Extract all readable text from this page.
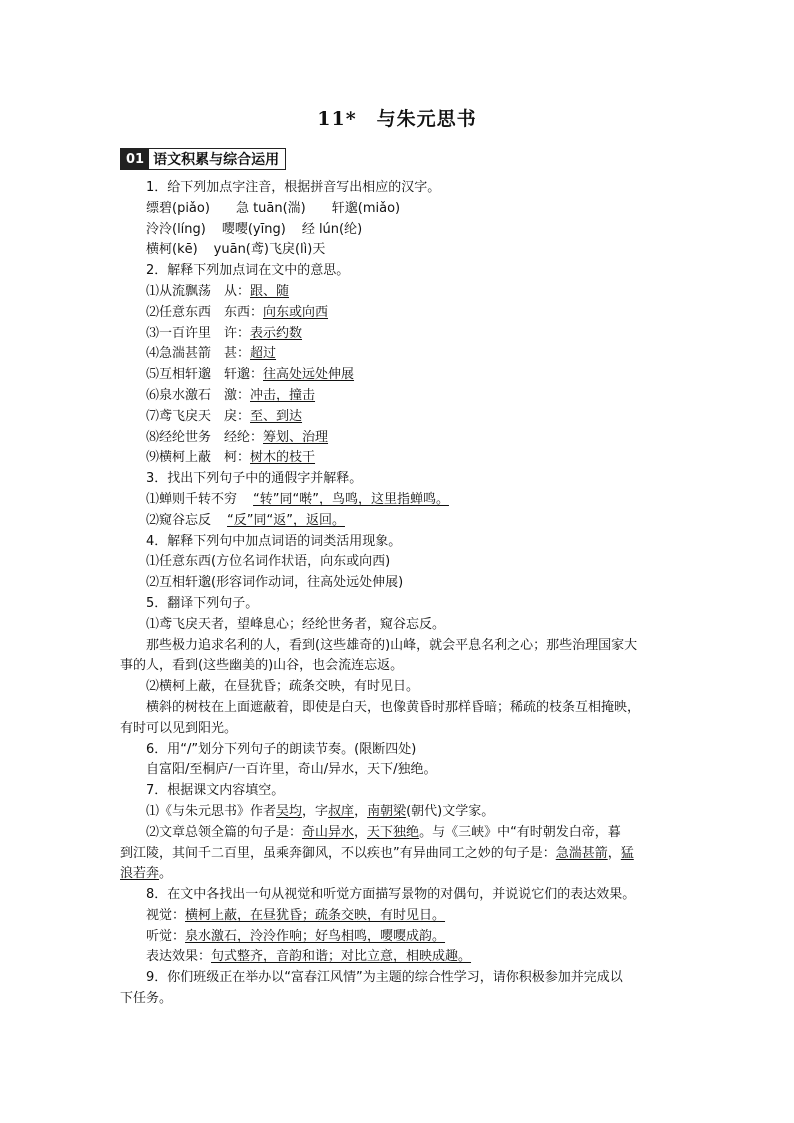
11*　与朱元思书
01 语文积累与综合运用
1．给下列加点字注音，根据拼音写出相应的汉字。
缥碧(piǎo) 急 tuān(湍) 轩邈(miǎo)
泠泠(líng) 嘤嘤(yīng) 经 lún(纶)
横柯(kē) yuān(鸢)飞戾(lì)天
2．解释下列加点词在文中的意思。
⑴从流飘荡　从：跟、随
⑵任意东西　东西：向东或向西
⑶一百许里　许：表示约数
⑷急湍甚箭　甚：超过
⑸互相轩邈　轩邈：往高处远处伸展
⑹泉水激石　激：冲击，撞击
⑺鸢飞戾天　戾：至、到达
⑻经纶世务　经纶：筹划、治理
⑼横柯上蔽　柯：树木的枝干
3．找出下列句子中的通假字并解释。
⑴蝉则千转不穷 “转”同“啭”，鸟鸣，这里指蝉鸣。
⑵窥谷忘反 “反”同“返”，返回。
4．解释下列句中加点词语的词类活用现象。
⑴任意东西(方位名词作状语，向东或向西)
⑵互相轩邈(形容词作动词，往高处远处伸展)
5．翻译下列句子。
⑴鸢飞戾天者，望峰息心；经纶世务者，窥谷忘反。
那些极力追求名利的人，看到(这些雄奇的)山峰，就会平息名利之心；那些治理国家大
事的人，看到(这些幽美的)山谷，也会流连忘返。
⑵横柯上蔽，在昼犹昏；疏条交映，有时见日。
横斜的树枝在上面遮蔽着，即使是白天，也像黄昏时那样昏暗；稀疏的枝条互相掩映，
有时可以见到阳光。
6．用“/”划分下列句子的朗读节奏。(限断四处)
自富阳/至桐庐/一百许里，奇山/异水，天下/独绝。
7．根据课文内容填空。
⑴《与朱元思书》作者吴均，字叔庠，南朝梁(朝代)文学家。
⑵文章总领全篇的句子是：奇山异水，天下独绝。与《三峡》中“有时朝发白帝，暮
到江陵，其间千二百里，虽乘奔御风，不以疾也”有异曲同工之妙的句子是：急湍甚箭，猛
浪若奔。
8．在文中各找出一句从视觉和听觉方面描写景物的对偶句，并说说它们的表达效果。
视觉：横柯上蔽，在昼犹昏；疏条交映，有时见日。
听觉：泉水激石，泠泠作响；好鸟相鸣，嘤嘤成韵。
表达效果：句式整齐，音韵和谐；对比立意，相映成趣。
9．你们班级正在举办以“富春江风情”为主题的综合性学习，请你积极参加并完成以
下任务。
